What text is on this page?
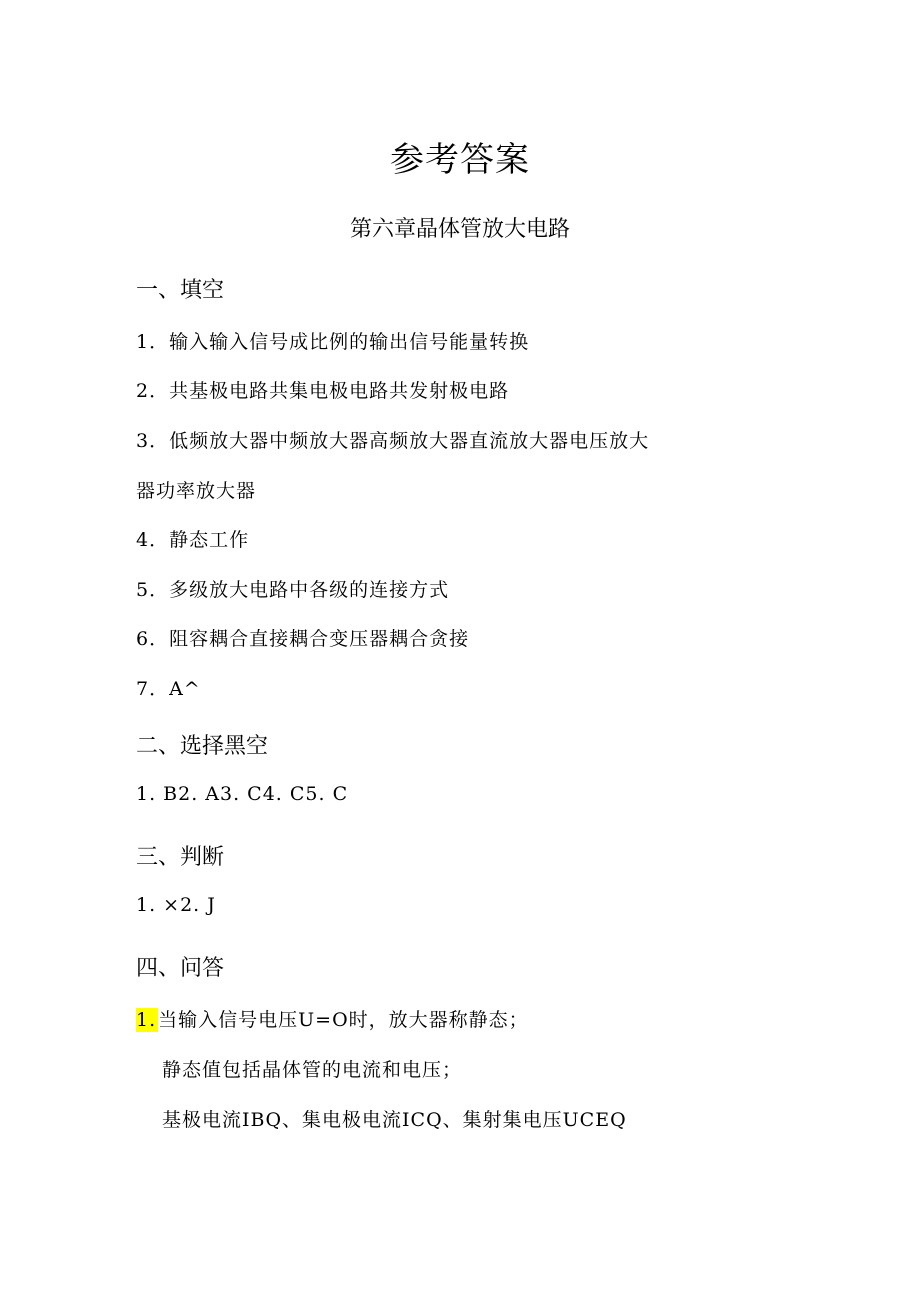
参考答案
第六章晶体管放大电路
一、填空
1．输入输入信号成比例的输出信号能量转换
2．共基极电路共集电极电路共发射极电路
3．低频放大器中频放大器高频放大器直流放大器电压放大
器功率放大器
4．静态工作
5．多级放大电路中各级的连接方式
6．阻容耦合直接耦合变压器耦合贪接
7．A^
二、选择黑空
1. B2. A3. C4. C5. C
三、判断
1. ×2. J
四、问答
1. 当输入信号电压U=O时，放大器称静态；
静态值包括晶体管的电流和电压；
基极电流IBQ、集电极电流ICQ、集射集电压UCEQ
